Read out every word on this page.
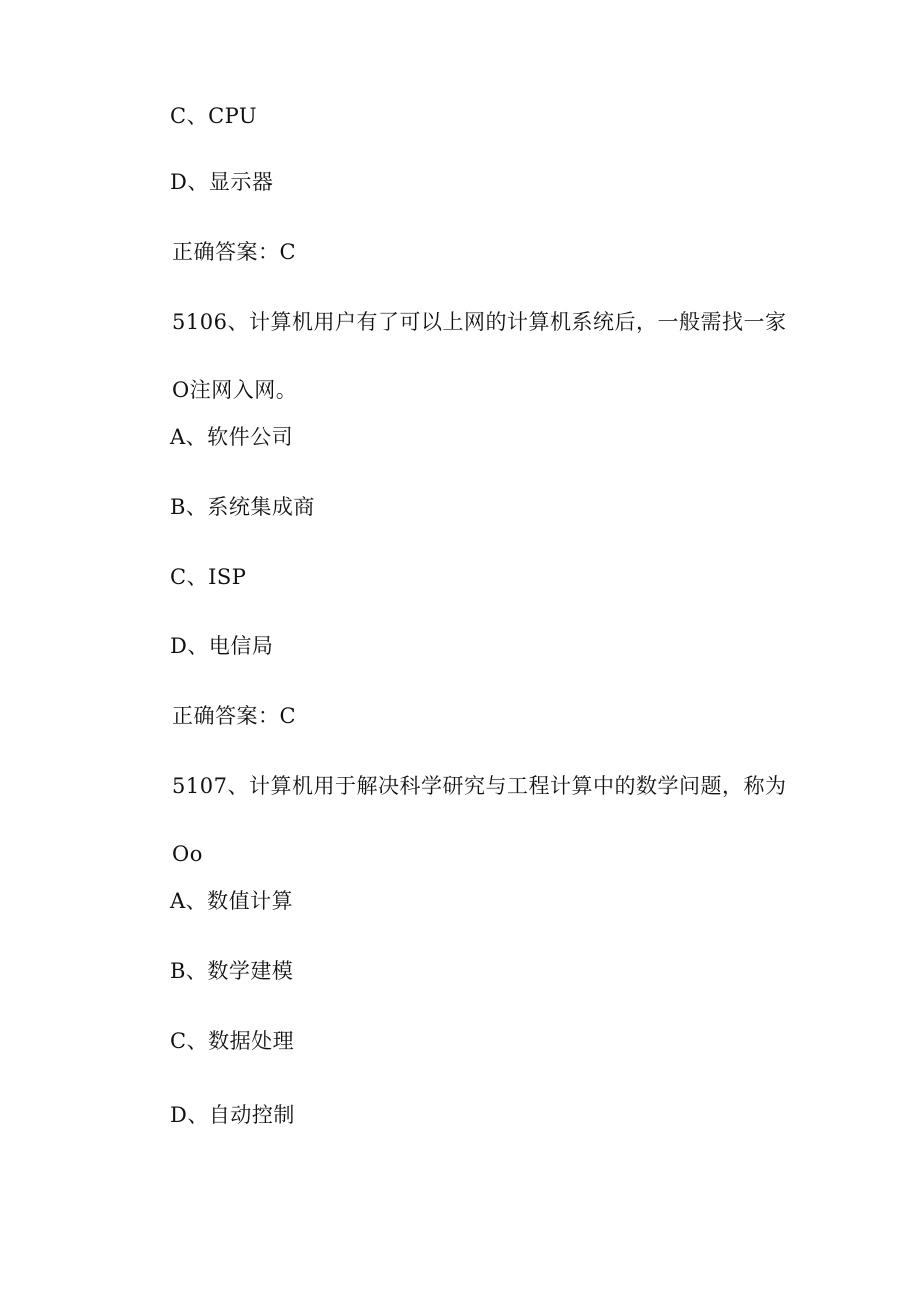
C、CPU
D、显示器
正确答案：C
5106、计算机用户有了可以上网的计算机系统后，一般需找一家O注网入网。
A、软件公司
B、系统集成商
C、ISP
D、电信局
正确答案：C
5107、计算机用于解决科学研究与工程计算中的数学问题，称为Oo
A、数值计算
B、数学建模
C、数据处理
D、自动控制
